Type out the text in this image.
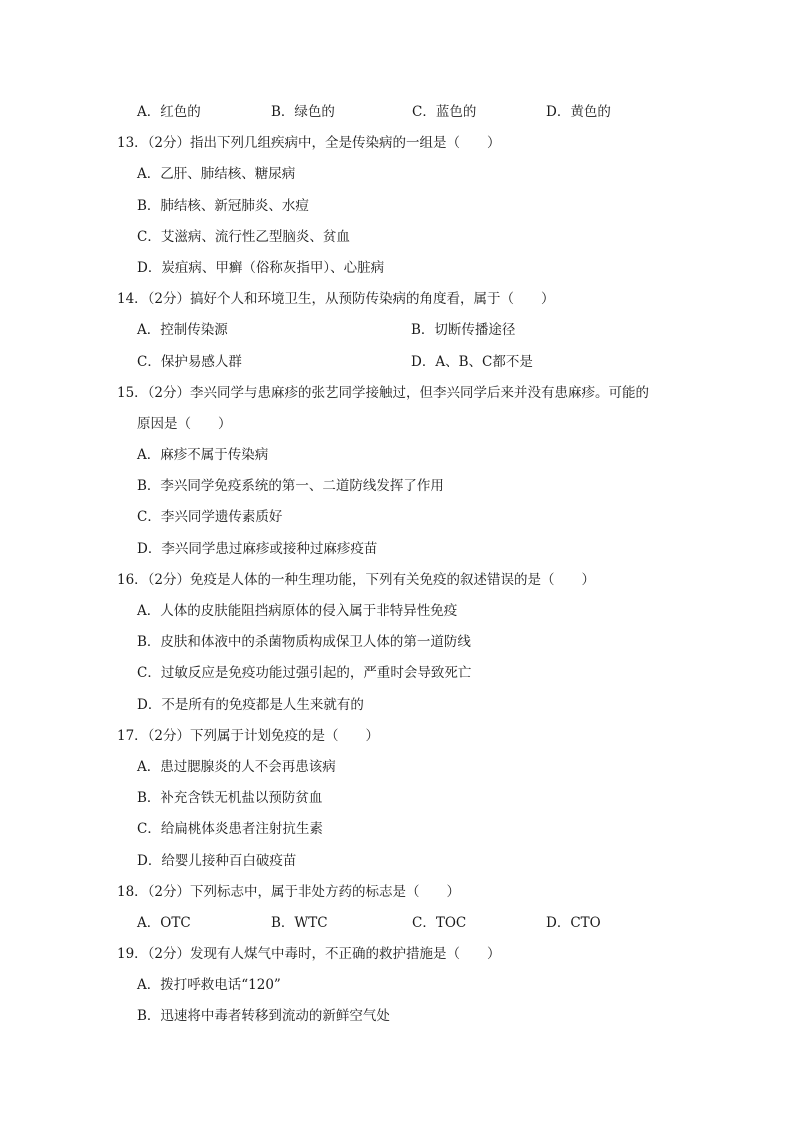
A．红色的	B．绿色的	C．蓝色的	D．黄色的
13．（2分）指出下列几组疾病中，全是传染病的一组是（　　）
A．乙肝、肺结核、糖尿病
B．肺结核、新冠肺炎、水痘
C．艾滋病、流行性乙型脑炎、贫血
D．炭疽病、甲癣（俗称灰指甲）、心脏病
14．（2分）搞好个人和环境卫生，从预防传染病的角度看，属于（　　）
A．控制传染源	B．切断传播途径
C．保护易感人群	D．A、B、C都不是
15．（2分）李兴同学与患麻疹的张艺同学接触过，但李兴同学后来并没有患麻疹。可能的
原因是（　　）
A．麻疹不属于传染病
B．李兴同学免疫系统的第一、二道防线发挥了作用
C．李兴同学遗传素质好
D．李兴同学患过麻疹或接种过麻疹疫苗
16．（2分）免疫是人体的一种生理功能，下列有关免疫的叙述错误的是（　　）
A．人体的皮肤能阻挡病原体的侵入属于非特异性免疫
B．皮肤和体液中的杀菌物质构成保卫人体的第一道防线
C．过敏反应是免疫功能过强引起的，严重时会导致死亡
D．不是所有的免疫都是人生来就有的
17．（2分）下列属于计划免疫的是（　　）
A．患过腮腺炎的人不会再患该病
B．补充含铁无机盐以预防贫血
C．给扁桃体炎患者注射抗生素
D．给婴儿接种百白破疫苗
18．（2分）下列标志中，属于非处方药的标志是（　　）
A．OTC	B．WTC	C．TOC	D．CTO
19．（2分）发现有人煤气中毒时，不正确的救护措施是（　　）
A．拨打呼救电话“120”
B．迅速将中毒者转移到流动的新鲜空气处
